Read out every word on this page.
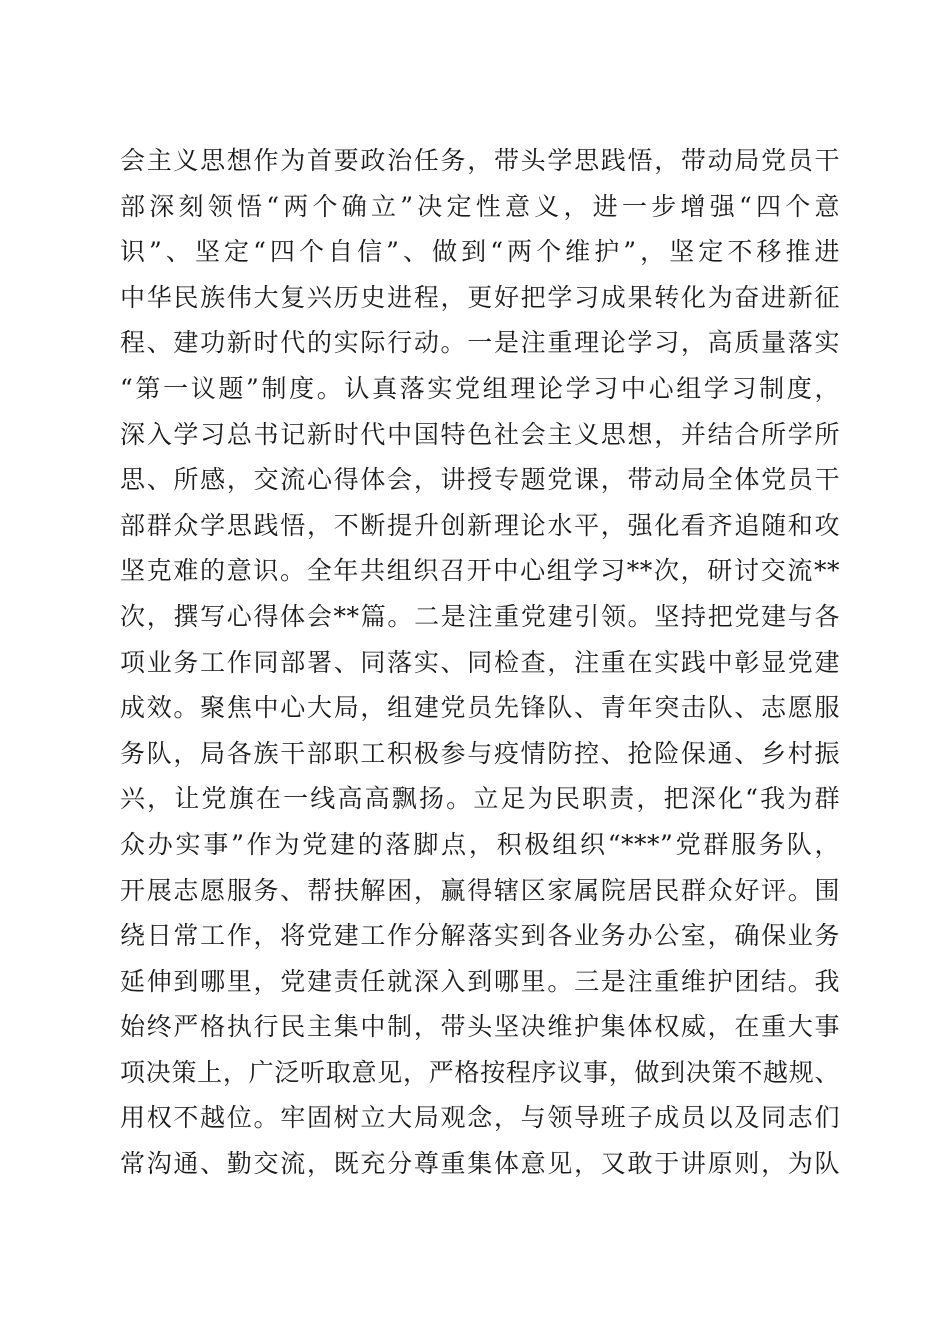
会主义思想作为首要政治任务，带头学思践悟，带动局党员干
部深刻领悟“两个确立”决定性意义，进一步增强“四个意
识”、坚定“四个自信”、做到“两个维护”，坚定不移推进
中华民族伟大复兴历史进程，更好把学习成果转化为奋进新征
程、建功新时代的实际行动。一是注重理论学习，高质量落实
“第一议题”制度。认真落实党组理论学习中心组学习制度，
深入学习总书记新时代中国特色社会主义思想，并结合所学所
思、所感，交流心得体会，讲授专题党课，带动局全体党员干
部群众学思践悟，不断提升创新理论水平，强化看齐追随和攻
坚克难的意识。全年共组织召开中心组学习**次，研讨交流**
次，撰写心得体会**篇。二是注重党建引领。坚持把党建与各
项业务工作同部署、同落实、同检查，注重在实践中彰显党建
成效。聚焦中心大局，组建党员先锋队、青年突击队、志愿服
务队，局各族干部职工积极参与疫情防控、抢险保通、乡村振
兴，让党旗在一线高高飘扬。立足为民职责，把深化“我为群
众办实事”作为党建的落脚点，积极组织“***”党群服务队，
开展志愿服务、帮扶解困，赢得辖区家属院居民群众好评。围
绕日常工作，将党建工作分解落实到各业务办公室，确保业务
延伸到哪里，党建责任就深入到哪里。三是注重维护团结。我
始终严格执行民主集中制，带头坚决维护集体权威，在重大事
项决策上，广泛听取意见，严格按程序议事，做到决策不越规、
用权不越位。牢固树立大局观念，与领导班子成员以及同志们
常沟通、勤交流，既充分尊重集体意见，又敢于讲原则，为队
